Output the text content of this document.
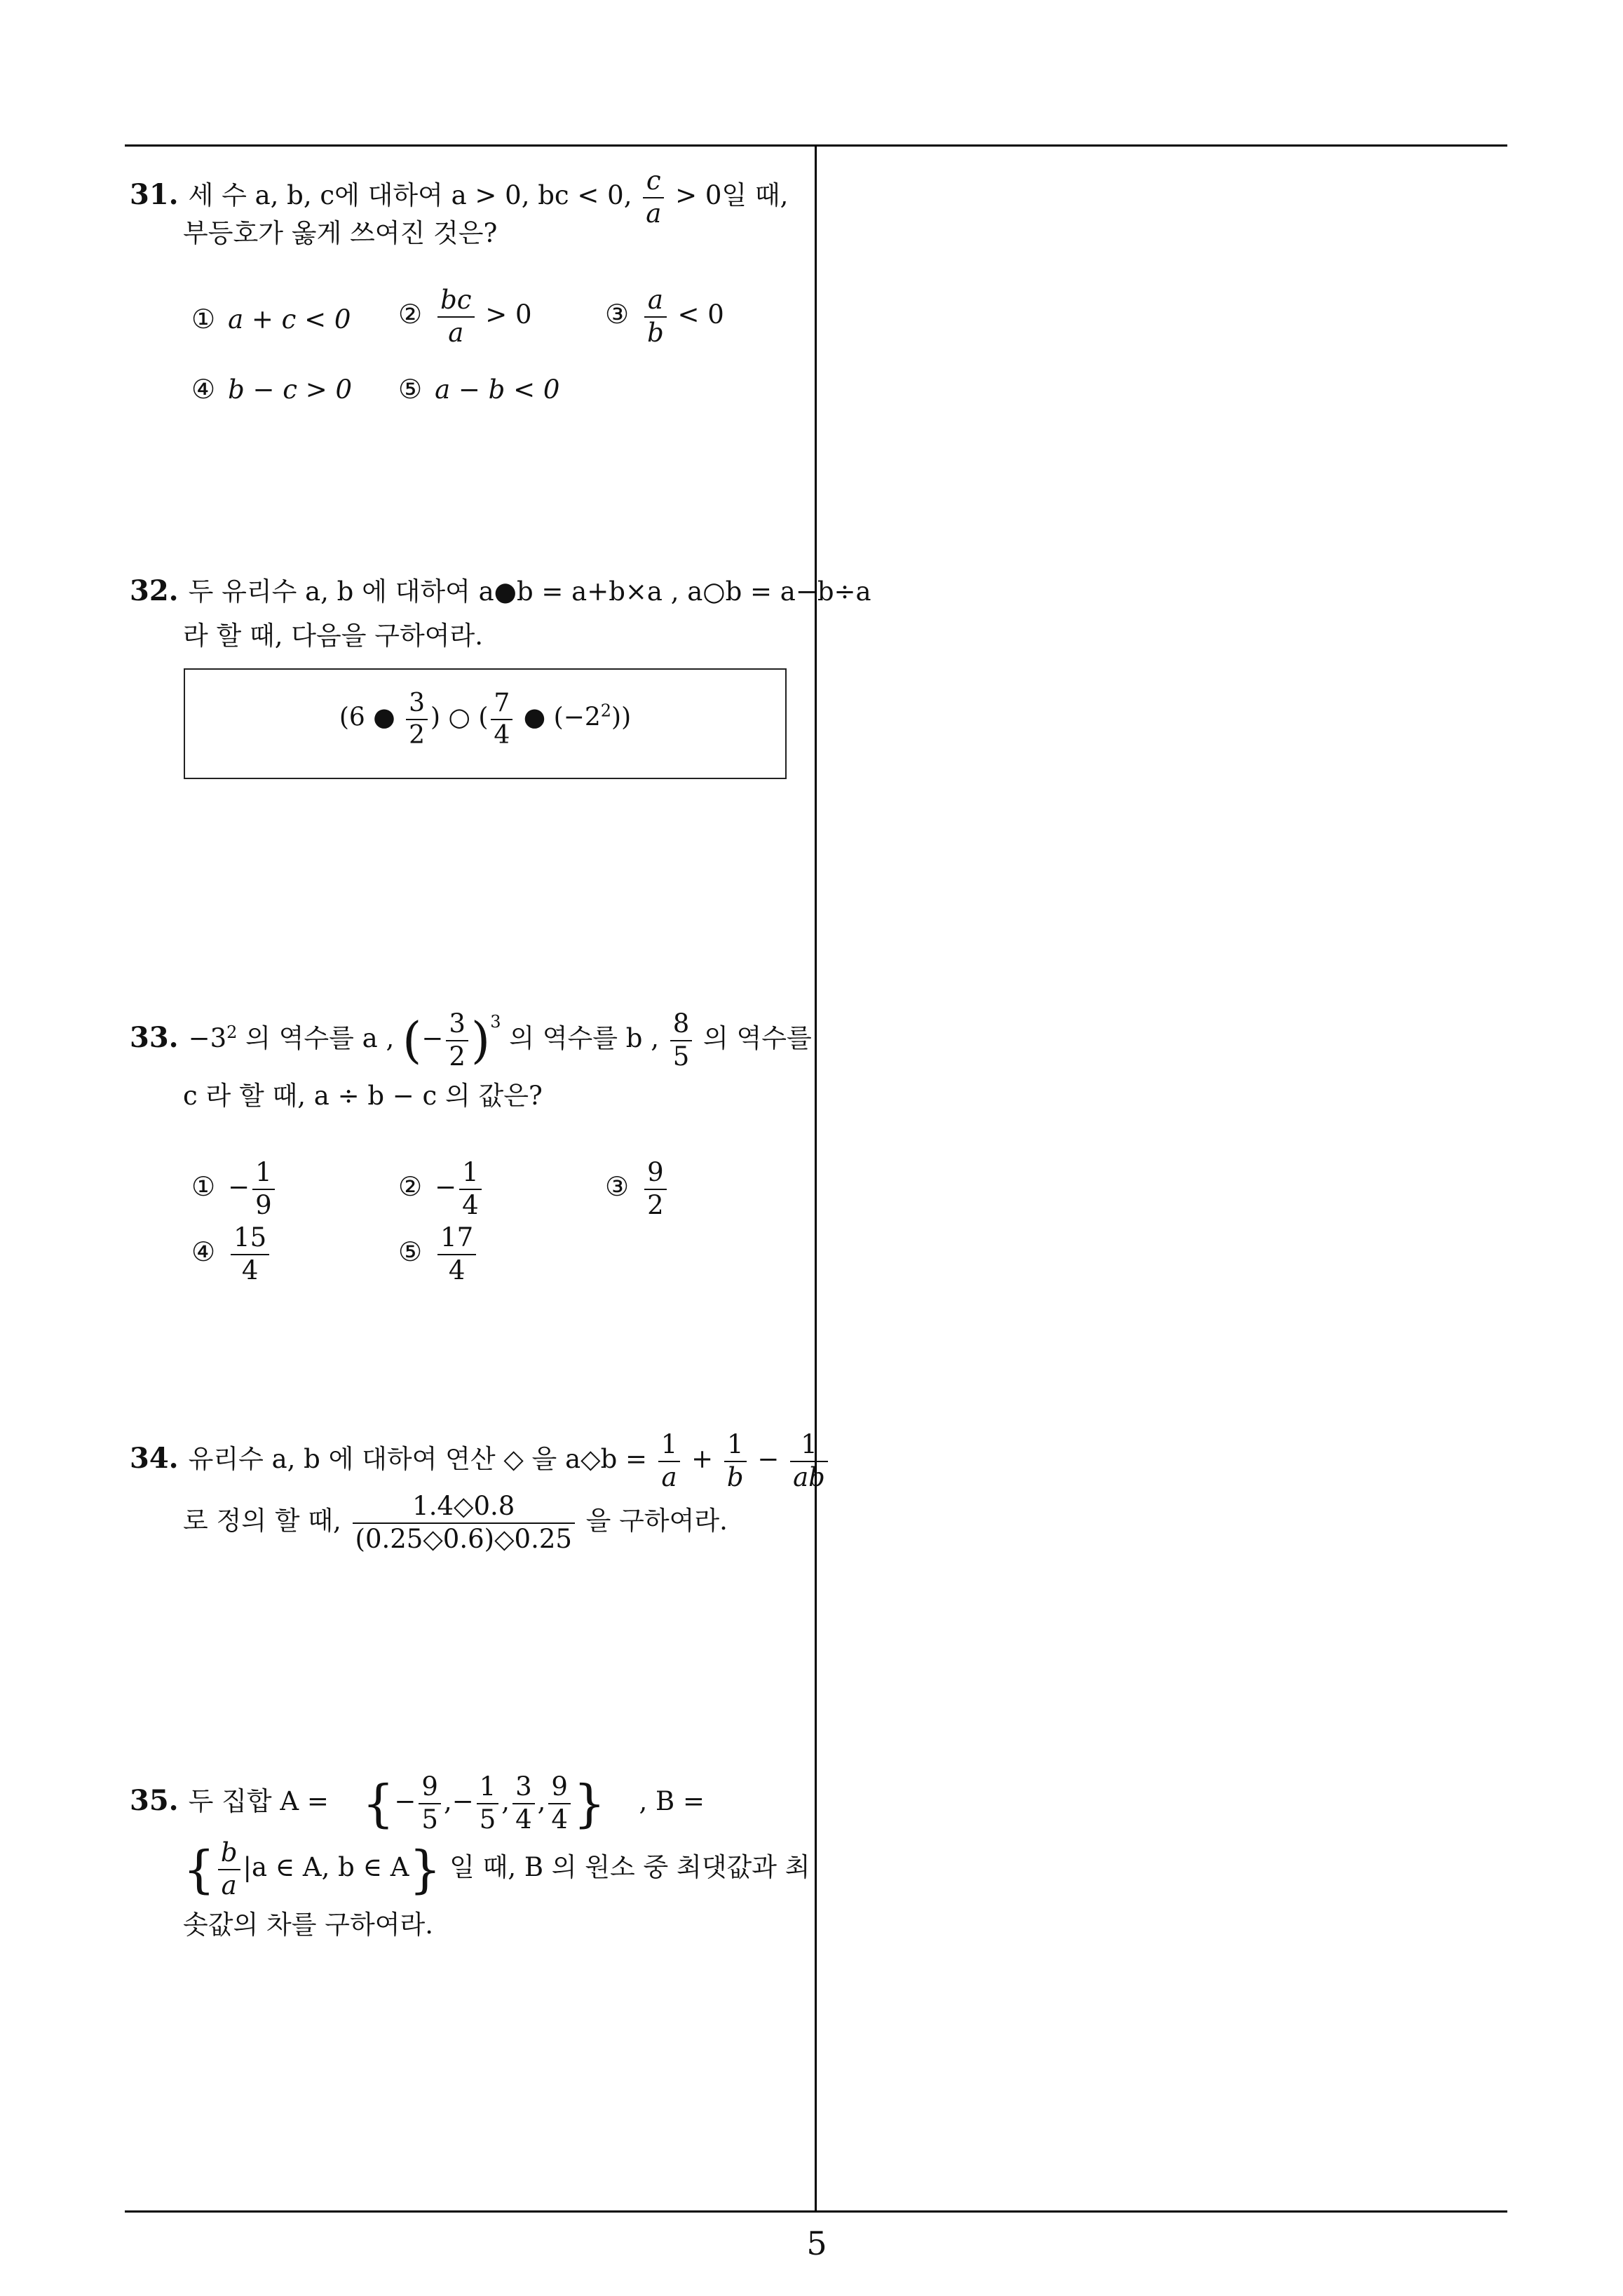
5
31. 세 수 a, b, c에 대하여 a > 0, bc < 0, $\frac{c}{a} > 0$일 때,
부등호가 옳게 쓰여진 것은?
① a + c < 0 ② $\frac{bc}{a} > 0$	③ $\frac{a}{b} < 0$
④ b − c > 0 ⑤ a − b < 0
32. 두 유리수 a, b 에 대하여 a●b = a+b×a , a○b = a−b÷a
라 할 때, 다음을 구하여라.
(6 ● $\frac{3}{2}$ ) ○ ( $\frac{7}{4}$ ● $(-2^2)$)
33. $-3^2$ 의 역수를 a , (− $\frac{3}{2} )^3$ 의 역수를 b , $\frac{8}{5}$ 의 역수를
c 라 할 때, a ÷ b − c 의 값은?
① − $\frac{1}{9}$	② − $\frac{1}{4}$	③ $\frac{9}{2}$
④ $\frac{15}{4}$	⑤ $\frac{17}{4}$
34. 유리수 a, b 에 대하여 연산 ◇ 을 a◇b = $\frac{1}{a} + \frac{1}{b} - \frac{1}{ab}$
로 정의 할 때, $\frac{1.4◇0.8}{(0.25◇0.6)◇0.25}$ 을 구하여라.
35. 두 집합 A = {− $\frac{9}{5}$ ,− $\frac{1}{5}$ , $\frac{3}{4}$ , $\frac{9}{4}$ } , B =
{ $\frac{b}{a} |a$ ∈ A, b ∈ A} 일 때, B 의 원소 중 최댓값과 최
솟값의 차를 구하여라.
